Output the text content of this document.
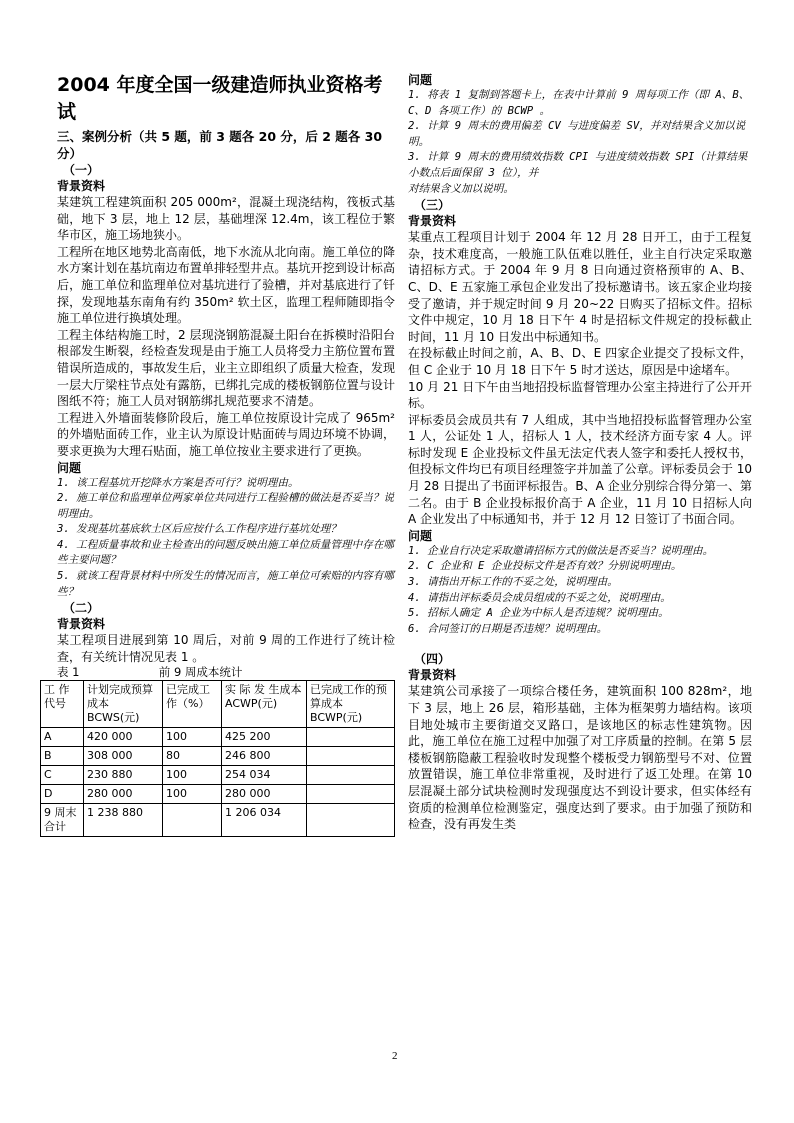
2004 年度全国一级建造师执业资格考试

三、案例分析（共 5 题，前 3 题各 20 分，后 2 题各 30 分）

（一）

背景资料

某建筑工程建筑面积 205 000m²，混凝土现浇结构，筏板式基础，地下 3 层，地上 12 层，基础埋深 12.4m，该工程位于繁华市区，施工场地狭小。

工程所在地区地势北高南低，地下水流从北向南。施工单位的降水方案计划在基坑南边布置单排轻型井点。基坑开挖到设计标高后，施工单位和监理单位对基坑进行了验槽，并对基底进行了钎探，发现地基东南角有约 350m² 软土区，监理工程师随即指令施工单位进行换填处理。

工程主体结构施工时，2 层现浇钢筋混凝土阳台在拆模时沿阳台根部发生断裂，经检查发现是由于施工人员将受力主筋位置布置错误所造成的，事故发生后，业主立即组织了质量大检查，发现一层大厅梁柱节点处有露筋，已绑扎完成的楼板钢筋位置与设计图纸不符；施工人员对钢筋绑扎规范要求不清楚。

工程进入外墙面装修阶段后，施工单位按原设计完成了 965m² 的外墙贴面砖工作，业主认为原设计贴面砖与周边环境不协调，要求更换为大理石贴面，施工单位按业主要求进行了更换。

问题

1. 该工程基坑开挖降水方案是否可行？说明理由。

2. 施工单位和监理单位两家单位共同进行工程验槽的做法是否妥当？说明理由。

3. 发现基坑基底软土区后应按什么工作程序进行基坑处理？

4. 工程质量事故和业主检查出的问题反映出施工单位质量管理中存在哪些主要问题？

5. 就该工程背景材料中所发生的情况而言，施工单位可索赔的内容有哪些？

（二）

背景资料

某工程项目进展到第 10 周后，对前 9 周的工作进行了统计检查，有关统计情况见表 1 。

表 1	前 9 周成本统计

工 作代号	计划完成预算成本 BCWS(元)	已完成工作（%）	实 际 发 生成本 ACWP(元)	已完成工作的预算成本 BCWP(元)
A	420 000	100	425 200	
B	308 000	80	246 800	
C	230 880	100	254 034	
D	280 000	100	280 000	
9 周末 合计	1 238 880		1 206 034	

问题

1. 将表 1 复制到答题卡上，在表中计算前 9 周每项工作（即 A、B、C、D 各项工作）的 BCWP 。

2. 计算 9 周末的费用偏差 CV 与进度偏差 SV，并对结果含义加以说明。

3. 计算 9 周末的费用绩效指数 CPI 与进度绩效指数 SPI（计算结果小数点后面保留 3 位），并

对结果含义加以说明。

（三）

背景资料

某重点工程项目计划于 2004 年 12 月 28 日开工，由于工程复杂，技术难度高，一般施工队伍难以胜任，业主自行决定采取邀请招标方式。于 2004 年 9 月 8 日向通过资格预审的 A、B、C、D、E 五家施工承包企业发出了投标邀请书。该五家企业均接受了邀请，并于规定时间 9 月 20~22 日购买了招标文件。招标文件中规定，10 月 18 日下午 4 时是招标文件规定的投标截止时间，11 月 10 日发出中标通知书。

在投标截止时间之前，A、B、D、E 四家企业提交了投标文件，但 C 企业于 10 月 18 日下午 5 时才送达，原因是中途堵车。

10 月 21 日下午由当地招投标监督管理办公室主持进行了公开开标。

评标委员会成员共有 7 人组成，其中当地招投标监督管理办公室 1 人，公证处 1 人，招标人 1 人，技术经济方面专家 4 人。评标时发现 E 企业投标文件虽无法定代表人签字和委托人授权书，但投标文件均已有项目经理签字并加盖了公章。评标委员会于 10 月 28 日提出了书面评标报告。B、A 企业分别综合得分第一、第二名。由于 B 企业投标报价高于 A 企业，11 月 10 日招标人向 A 企业发出了中标通知书，并于 12 月 12 日签订了书面合同。

问题

1. 企业自行决定采取邀请招标方式的做法是否妥当？说明理由。

2. C 企业和 E 企业投标文件是否有效？分别说明理由。

3. 请指出开标工作的不妥之处，说明理由。

4. 请指出评标委员会成员组成的不妥之处，说明理由。

5. 招标人确定 A 企业为中标人是否违规？说明理由。

6. 合同签订的日期是否违规？说明理由。

（四）

背景资料

某建筑公司承接了一项综合楼任务，建筑面积 100 828m²，地下 3 层，地上 26 层，箱形基础，主体为框架剪力墙结构。该项目地处城市主要街道交叉路口，是该地区的标志性建筑物。因此，施工单位在施工过程中加强了对工序质量的控制。在第 5 层楼板钢筋隐蔽工程验收时发现整个楼板受力钢筋型号不对、位置放置错误，施工单位非常重视，及时进行了返工处理。在第 10 层混凝土部分试块检测时发现强度达不到设计要求，但实体经有资质的检测单位检测鉴定，强度达到了要求。由于加强了预防和检查，没有再发生类

2
